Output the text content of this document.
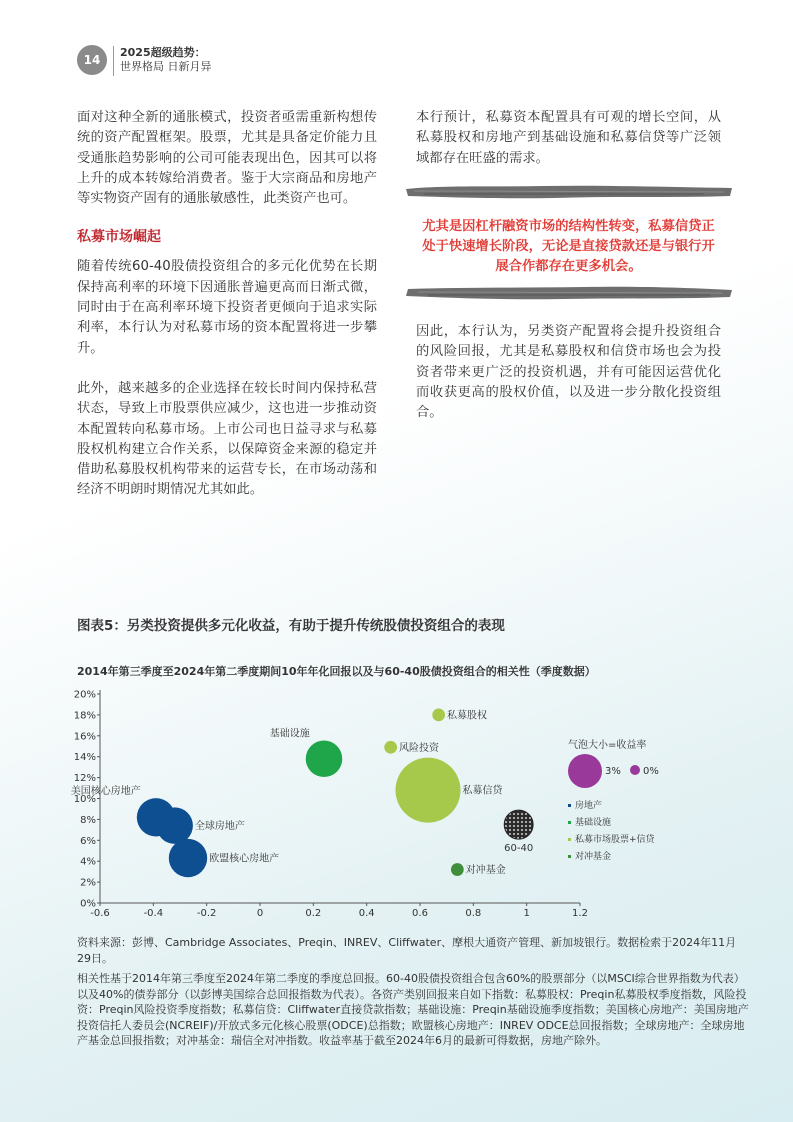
14
2025超级趋势：
世界格局 日新月异

面对这种全新的通胀模式，投资者亟需重新构想传统的资产配置框架。股票，尤其是具备定价能力且受通胀趋势影响的公司可能表现出色，因其可以将上升的成本转嫁给消费者。鉴于大宗商品和房地产等实物资产固有的通胀敏感性，此类资产也可。

私募市场崛起

随着传统60-40股债投资组合的多元化优势在长期保持高利率的环境下因通胀普遍更高而日渐式微，同时由于在高利率环境下投资者更倾向于追求实际利率，本行认为对私募市场的资本配置将进一步攀升。

此外，越来越多的企业选择在较长时间内保持私营状态，导致上市股票供应减少，这也进一步推动资本配置转向私募市场。上市公司也日益寻求与私募股权机构建立合作关系，以保障资金来源的稳定并借助私募股权机构带来的运营专长，在市场动荡和经济不明朗时期情况尤其如此。

本行预计，私募资本配置具有可观的增长空间，从私募股权和房地产到基础设施和私募信贷等广泛领域都存在旺盛的需求。
尤其是因杠杆融资市场的结构性转变，私募信贷正处于快速增长阶段，无论是直接贷款还是与银行开展合作都存在更多机会。
因此，本行认为，另类资产配置将会提升投资组合的风险回报，尤其是私募股权和信贷市场也会为投资者带来更广泛的投资机遇，并有可能因运营优化而收获更高的股权价值，以及进一步分散化投资组合。
图表5：另类投资提供多元化收益，有助于提升传统股债投资组合的表现
2014年第三季度至2024年第二季度期间10年年化回报以及与60-40股债投资组合的相关性（季度数据）
0%
2%
4%
6%
8%
10%
12%
14%
16%
18%
20%
-0.6	-0.4	-0.2	0	0.2	0.4	0.6	0.8	1	1.2
美国核心房地产
全球房地产
欧盟核心房地产
基础设施
私募股权
风险投资
私募信贷
60-40
对冲基金
气泡大小=收益率
3% 0%
房地产
基础设施
私募市场股票+信贷
对冲基金
资料来源：彭博、Cambridge Associates、Preqin、INREV、Cliffwater、摩根大通资产管理、新加坡银行。数据检索于2024年11月29日。
相关性基于2014年第三季度至2024年第二季度的季度总回报。60-40股债投资组合包含60%的股票部分（以MSCI综合世界指数为代表）以及40%的债券部分（以彭博美国综合总回报指数为代表）。各资产类别回报来自如下指数：私募股权：Preqin私募股权季度指数，风险投资：Preqin风险投资季度指数；私募信贷：Cliffwater直接贷款指数；基础设施：Preqin基础设施季度指数；美国核心房地产：美国房地产投资信托人委员会(NCREIF)/开放式多元化核心股票(ODCE)总指数；欧盟核心房地产：INREV ODCE总回报指数；全球房地产：全球房地产基金总回报指数；对冲基金：瑞信全对冲指数。收益率基于截至2024年6月的最新可得数据，房地产除外。
